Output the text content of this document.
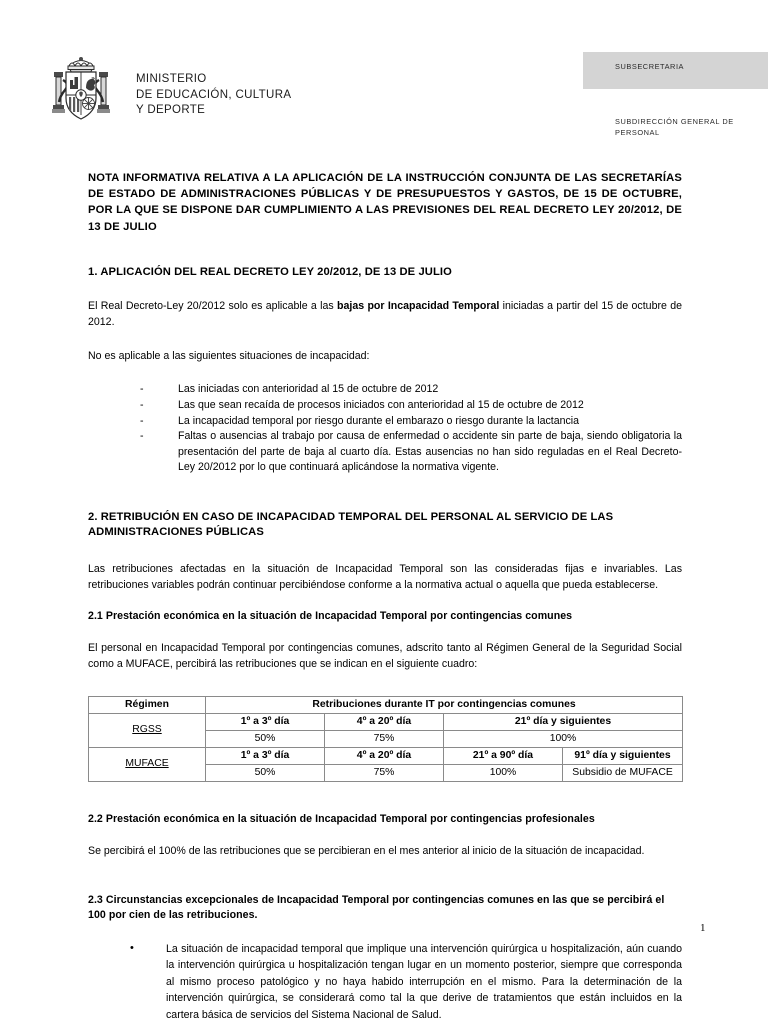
MINISTERIO
DE EDUCACIÓN, CULTURA
Y DEPORTE
SUBSECRETARIA
SUBDIRECCIÓN GENERAL DE PERSONAL

NOTA INFORMATIVA RELATIVA A LA APLICACIÓN DE LA INSTRUCCIÓN CONJUNTA DE LAS SECRETARÍAS DE ESTADO DE ADMINISTRACIONES PÚBLICAS Y DE PRESUPUESTOS Y GASTOS, DE 15 DE OCTUBRE, POR LA QUE SE DISPONE DAR CUMPLIMIENTO A LAS PREVISIONES DEL REAL DECRETO LEY 20/2012, DE 13 DE JULIO

1. APLICACIÓN DEL REAL DECRETO LEY 20/2012, DE 13 DE JULIO

El Real Decreto-Ley 20/2012 solo es aplicable a las bajas por Incapacidad Temporal iniciadas a partir del 15 de octubre de 2012.

No es aplicable a las siguientes situaciones de incapacidad:

- Las iniciadas con anterioridad al 15 de octubre de 2012
- Las que sean recaída de procesos iniciados con anterioridad al 15 de octubre de 2012
- La incapacidad temporal por riesgo durante el embarazo o riesgo durante la lactancia
- Faltas o ausencias al trabajo por causa de enfermedad o accidente sin parte de baja, siendo obligatoria la presentación del parte de baja al cuarto día. Estas ausencias no han sido reguladas en el Real Decreto-Ley 20/2012 por lo que continuará aplicándose la normativa vigente.
2. RETRIBUCIÓN EN CASO DE INCAPACIDAD TEMPORAL DEL PERSONAL AL SERVICIO DE LAS ADMINISTRACIONES PÚBLICAS

Las retribuciones afectadas en la situación de Incapacidad Temporal son las consideradas fijas e invariables. Las retribuciones variables podrán continuar percibiéndose conforme a la normativa actual o aquella que pueda establecerse.

2.1 Prestación económica en la situación de Incapacidad Temporal por contingencias comunes

El personal en Incapacidad Temporal por contingencias comunes, adscrito tanto al Régimen General de la Seguridad Social como a MUFACE, percibirá las retribuciones que se indican en el siguiente cuadro:

Régimen	Retribuciones durante IT por contingencias comunes			
RGSS	1º a 3º día	4º a 20º día	21º día y siguientes	
	50%	75%	100%	
MUFACE	1º a 3º día	4º a 20º día	21º a 90º día	91º día y siguientes
	50%	75%	100%	Subsidio de MUFACE
2.2 Prestación económica en la situación de Incapacidad Temporal por contingencias profesionales

Se percibirá el 100% de las retribuciones que se percibieran en el mes anterior al inicio de la situación de incapacidad.

2.3 Circunstancias excepcionales de Incapacidad Temporal por contingencias comunes en las que se percibirá el 100 por cien de las retribuciones.
• La situación de incapacidad temporal que implique una intervención quirúrgica u hospitalización, aún cuando la intervención quirúrgica u hospitalización tengan lugar en un momento posterior, siempre que corresponda al mismo proceso patológico y no haya habido interrupción en el mismo. Para la determinación de la intervención quirúrgica, se considerará como tal la que derive de tratamientos que están incluidos en la cartera básica de servicios del Sistema Nacional de Salud.
1
